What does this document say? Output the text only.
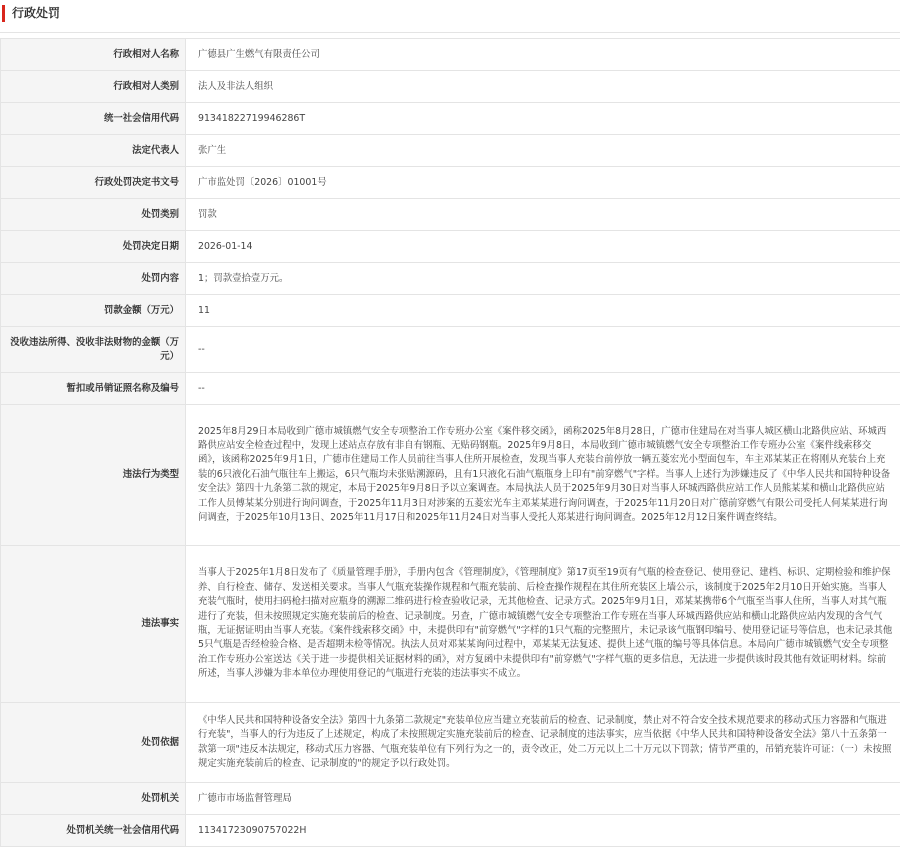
行政处罚
行政相对人名称	广德县广生燃气有限责任公司
行政相对人类别	法人及非法人组织
统一社会信用代码	91341822719946286T
法定代表人	张广生
行政处罚决定书文号	广市监处罚〔2026〕01001号
处罚类别	罚款
处罚决定日期	2026-01-14
处罚内容	1；罚款壹拾壹万元。
罚款金额（万元）	11
没收违法所得、没收非法财物的金额（万元）	--
暂扣或吊销证照名称及编号	--
违法行为类型	2025年8月29日本局收到广德市城镇燃气安全专项整治工作专班办公室《案件移交函》，函称2025年8月28日，广德市住建局在对当事人城区横山北路供应站、环城西路供应站安全检查过程中，发现上述站点存放有非自有钢瓶、无贴码钢瓶。2025年9月8日，本局收到广德市城镇燃气安全专项整治工作专班办公室《案件线索移交函》，该函称2025年9月1日，广德市住建局工作人员前往当事人住所开展检查，发现当事人充装台前停放一辆五菱宏光小型面包车，车主邓某某正在将刚从充装台上充装的6只液化石油气瓶往车上搬运，6只气瓶均未张贴溯源码，且有1只液化石油气瓶瓶身上印有"前穿燃气"字样。当事人上述行为涉嫌违反了《中华人民共和国特种设备安全法》第四十九条第二款的规定，本局于2025年9月8日予以立案调查。本局执法人员于2025年9月30日对当事人环城西路供应站工作人员熊某某和横山北路供应站工作人员傅某某分别进行询问调查，于2025年11月3日对涉案的五菱宏光车主邓某某进行询问调查，于2025年11月20日对广德前穿燃气有限公司受托人何某某进行询问调查，于2025年10月13日、2025年11月17日和2025年11月24日对当事人受托人郑某进行询问调查。2025年12月12日案件调查终结。
违法事实	当事人于2025年1月8日发布了《质量管理手册》，手册内包含《管理制度》，《管理制度》第17页至19页有气瓶的检查登记、使用登记、建档、标识、定期检验和维护保养、自行检查、储存、发送相关要求。当事人气瓶充装操作规程和气瓶充装前、后检查操作规程在其住所充装区上墙公示，该制度于2025年2月10日开始实施。当事人充装气瓶时，使用扫码枪扫描对应瓶身的溯源二维码进行检查验收记录，无其他检查、记录方式。2025年9月1日，邓某某携带6个气瓶至当事人住所，当事人对其气瓶进行了充装，但未按照规定实施充装前后的检查、记录制度。另查，广德市城镇燃气安全专项整治工作专班在当事人环城西路供应站和横山北路供应站内发现的含气气瓶，无证据证明由当事人充装。《案件线索移交函》中，未提供印有"前穿燃气"字样的1只气瓶的完整照片，未记录该气瓶钢印编号、使用登记证号等信息，也未记录其他5只气瓶是否经检验合格、是否超期未检等情况。执法人员对邓某某询问过程中，邓某某无法复述、提供上述气瓶的编号等具体信息。本局向广德市城镇燃气安全专项整治工作专班办公室送达《关于进一步提供相关证据材料的函》，对方复函中未提供印有"前穿燃气"字样气瓶的更多信息，无法进一步提供该时段其他有效证明材料。综前所述，当事人涉嫌为非本单位办理使用登记的气瓶进行充装的违法事实不成立。
处罚依据	《中华人民共和国特种设备安全法》第四十九条第二款规定"充装单位应当建立充装前后的检查、记录制度，禁止对不符合安全技术规范要求的移动式压力容器和气瓶进行充装"，当事人的行为违反了上述规定，构成了未按照规定实施充装前后的检查、记录制度的违法事实，应当依据《中华人民共和国特种设备安全法》第八十五条第一款第一项"违反本法规定，移动式压力容器、气瓶充装单位有下列行为之一的，责令改正，处二万元以上二十万元以下罚款；情节严重的，吊销充装许可证：（一）未按照规定实施充装前后的检查、记录制度的"的规定予以行政处罚。
处罚机关	广德市市场监督管理局
处罚机关统一社会信用代码	11341723090757022H
